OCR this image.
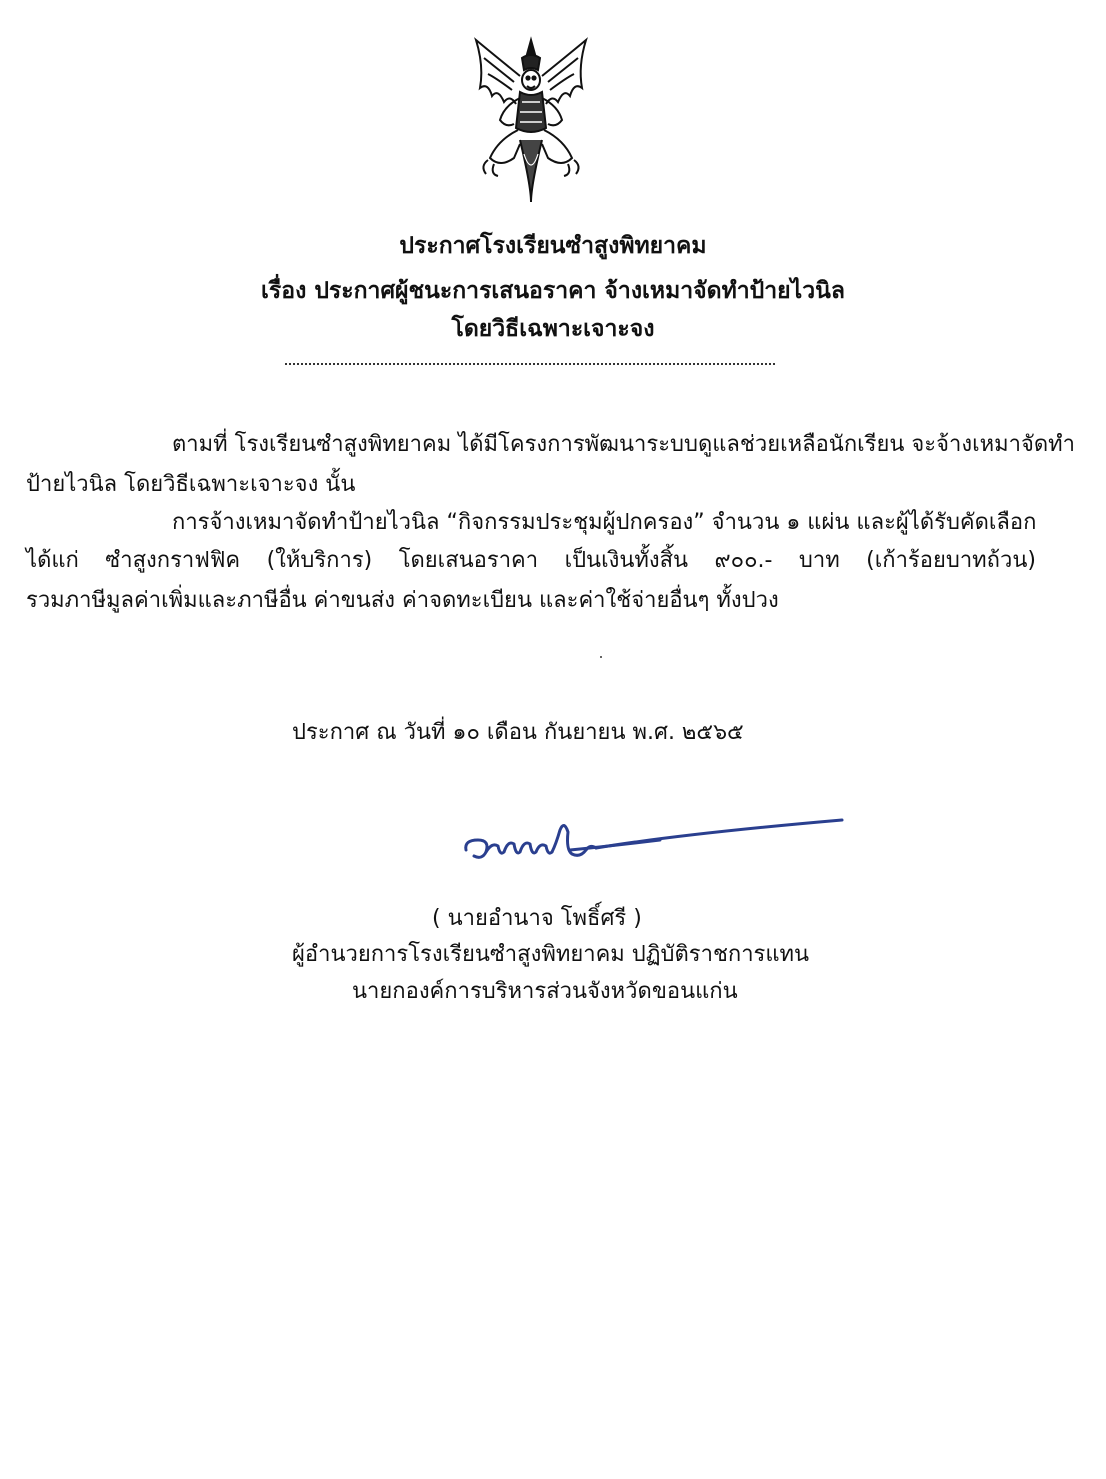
ประกาศโรงเรียนซำสูงพิทยาคม
เรื่อง ประกาศผู้ชนะการเสนอราคา จ้างเหมาจัดทำป้ายไวนิล
โดยวิธีเฉพาะเจาะจง
ตามที่ โรงเรียนซำสูงพิทยาคม ได้มีโครงการพัฒนาระบบดูแลช่วยเหลือนักเรียน จะจ้างเหมาจัดทำ
ป้ายไวนิล โดยวิธีเฉพาะเจาะจง นั้น
การจ้างเหมาจัดทำป้ายไวนิล “กิจกรรมประชุมผู้ปกครอง” จำนวน ๑ แผ่น และผู้ได้รับคัดเลือก
ได้แก่ ซำสูงกราฟฟิค (ให้บริการ) โดยเสนอราคา เป็นเงินทั้งสิ้น ๙๐๐.- บาท (เก้าร้อยบาทถ้วน)
รวมภาษีมูลค่าเพิ่มและภาษีอื่น ค่าขนส่ง ค่าจดทะเบียน และค่าใช้จ่ายอื่นๆ ทั้งปวง
ประกาศ ณ วันที่ ๑๐ เดือน กันยายน พ.ศ. ๒๕๖๕
( นายอำนาจ โพธิ์ศรี )
ผู้อำนวยการโรงเรียนซำสูงพิทยาคม ปฏิบัติราชการแทน
นายกองค์การบริหารส่วนจังหวัดขอนแก่น
